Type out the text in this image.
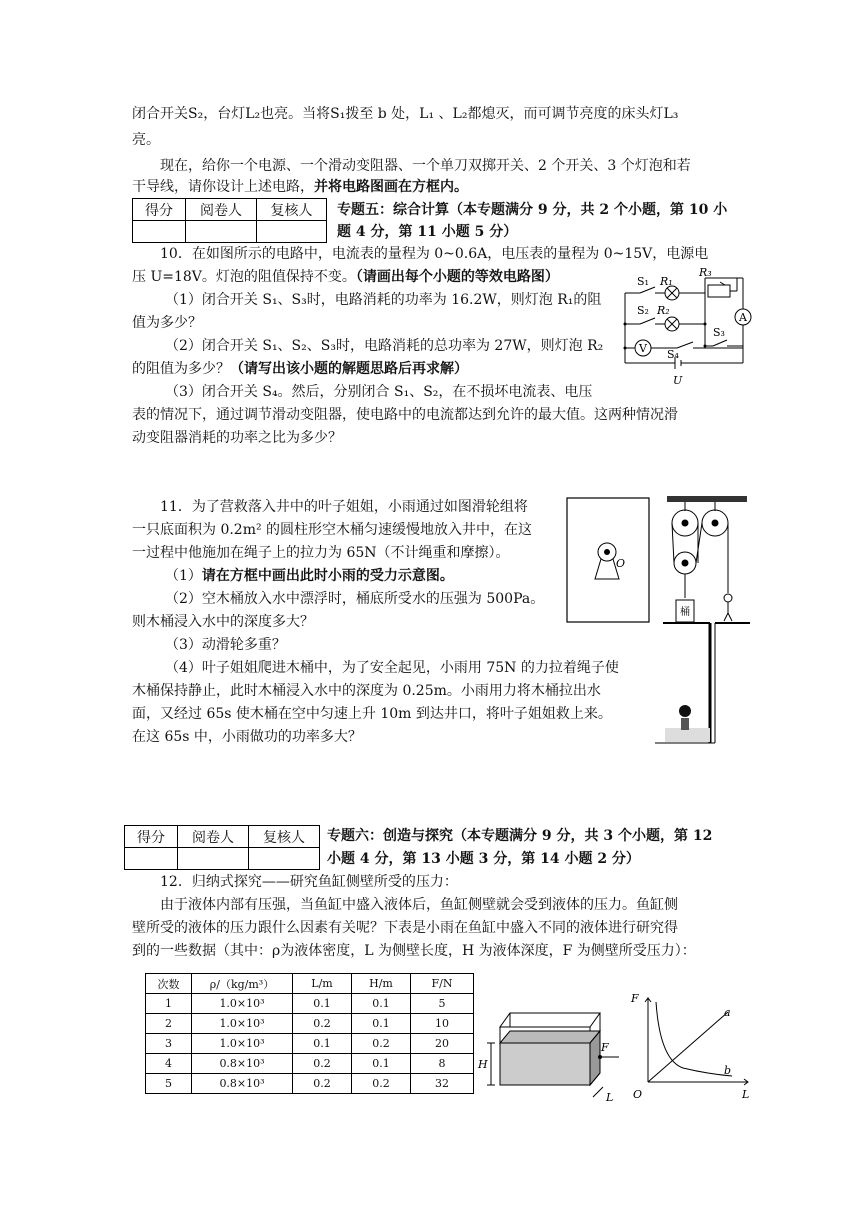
闭合开关S₂，台灯L₂也亮。当将S₁拨至 b 处，L₁ 、L₂都熄灭，而可调节亮度的床头灯L₃
亮。
现在，给你一个电源、一个滑动变阻器、一个单刀双掷开关、2 个开关、3 个灯泡和若
干导线，请你设计上述电路，并将电路图画在方框内。
得分	阅卷人	复核人
		专题五：综合计算（本专题满分 9 分，共 2 个小题，第 10 小
题 4 分，第 11 小题 5 分）
10．在如图所示的电路中，电流表的量程为 0~0.6A，电压表的量程为 0~15V，电源电
压 U=18V。灯泡的阻值保持不变。（请画出每个小题的等效电路图）
（1）闭合开关 S₁、S₃时，电路消耗的功率为 16.2W，则灯泡 R₁的阻
值为多少？
（2）闭合开关 S₁、S₂、S₃时，电路消耗的总功率为 27W，则灯泡 R₂
的阻值为多少？（请写出该小题的解题思路后再求解）
（3）闭合开关 S₄。然后，分别闭合 S₁、S₂，在不损坏电流表、电压
表的情况下，通过调节滑动变阻器，使电路中的电流都达到允许的最大值。这两种情况滑
动变阻器消耗的功率之比为多少？
S₁ R₁
R₃
S₂ R₂
S₃
S₄
A
V
U
11．为了营救落入井中的叶子姐姐，小雨通过如图滑轮组将
一只底面积为 0.2m² 的圆柱形空木桶匀速缓慢地放入井中，在这
一过程中他施加在绳子上的拉力为 65N（不计绳重和摩擦）。
（1）请在方框中画出此时小雨的受力示意图。
（2）空木桶放入水中漂浮时，桶底所受水的压强为 500Pa。
则木桶浸入水中的深度多大？
（3）动滑轮多重？
（4）叶子姐姐爬进木桶中，为了安全起见，小雨用 75N 的力拉着绳子使
木桶保持静止，此时木桶浸入水中的深度为 0.25m。小雨用力将木桶拉出水
面，又经过 65s 使木桶在空中匀速上升 10m 到达井口，将叶子姐姐救上来。
在这 65s 中，小雨做功的功率多大？
O
桶
得分	阅卷人	复核人
		专题六：创造与探究（本专题满分 9 分，共 3 个小题，第 12
小题 4 分，第 13 小题 3 分，第 14 小题 2 分）
12．归纳式探究——研究鱼缸侧壁所受的压力：
由于液体内部有压强，当鱼缸中盛入液体后，鱼缸侧壁就会受到液体的压力。鱼缸侧
壁所受的液体的压力跟什么因素有关呢？下表是小雨在鱼缸中盛入不同的液体进行研究得
到的一些数据（其中：ρ为液体密度，L 为侧壁长度，H 为液体深度，F 为侧壁所受压力）：
次数	ρ/（kg/m³）	L/m	H/m	F/N
1	1.0×10³	0.1	0.1	5
2	1.0×10³	0.2	0.1	10
3	1.0×10³	0.1	0.2	20
4	0.8×10³	0.2	0.1	8
5	0.8×10³	0.2	0.2	32
H
F
L
F
a
b
O	L
